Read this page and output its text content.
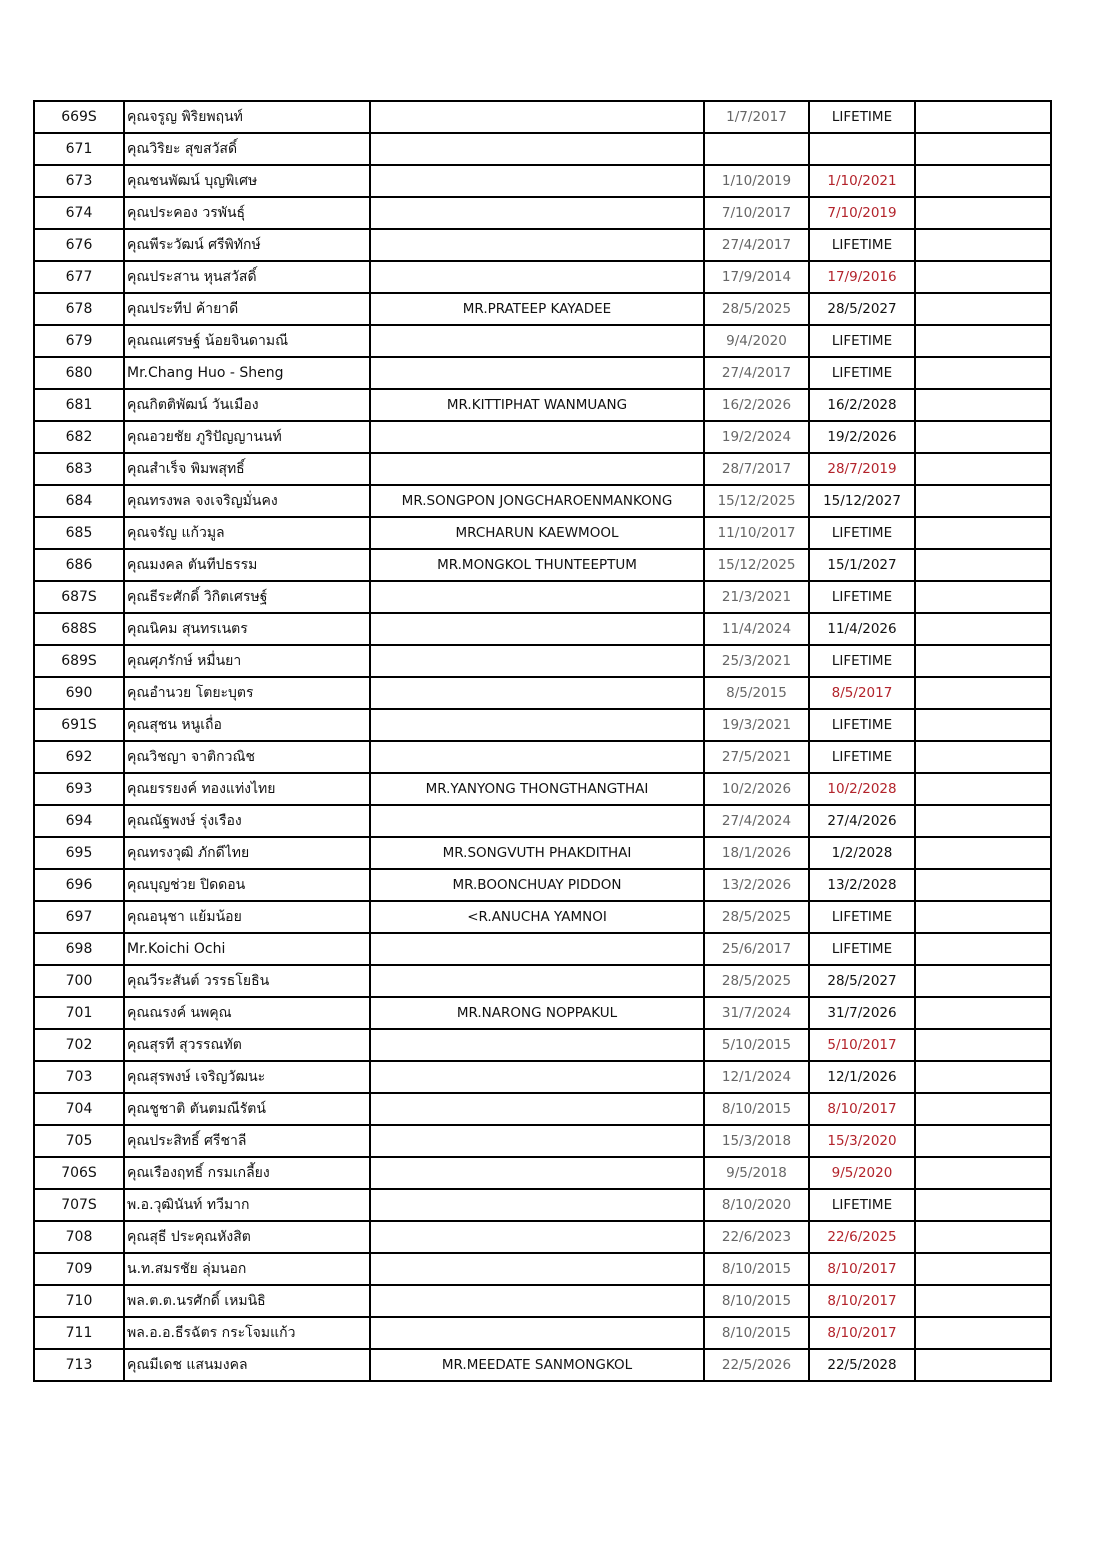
669S	คุณจรูญ พิริยพฤนท์		1/7/2017	LIFETIME	
671	คุณวิริยะ สุขสวัสดิ์				
673	คุณชนพัฒน์ บุญพิเศษ		1/10/2019	1/10/2021	
674	คุณประคอง วรพันธุ์		7/10/2017	7/10/2019	
676	คุณพีระวัฒน์ ศรีพิทักษ์		27/4/2017	LIFETIME	
677	คุณประสาน หุนสวัสดิ์		17/9/2014	17/9/2016	
678	คุณประทีป ค้ายาดี	MR.PRATEEP KAYADEE	28/5/2025	28/5/2027	
679	คุณณเศรษฐ์ น้อยจินดามณี		9/4/2020	LIFETIME	
680	Mr.Chang Huo - Sheng		27/4/2017	LIFETIME	
681	คุณกิตติพัฒน์ วันเมือง	MR.KITTIPHAT WANMUANG	16/2/2026	16/2/2028	
682	คุณอวยชัย ภูริปัญญานนท์		19/2/2024	19/2/2026	
683	คุณสำเร็จ พิมพสุทธิ์		28/7/2017	28/7/2019	
684	คุณทรงพล จงเจริญมั่นคง	MR.SONGPON JONGCHAROENMANKONG	15/12/2025	15/12/2027	
685	คุณจรัญ แก้วมูล	MRCHARUN KAEWMOOL	11/10/2017	LIFETIME	
686	คุณมงคล ตันทีปธรรม	MR.MONGKOL THUNTEEPTUM	15/12/2025	15/1/2027	
687S	คุณธีระศักดิ์ วิกิตเศรษฐ์		21/3/2021	LIFETIME	
688S	คุณนิคม สุนทรเนตร		11/4/2024	11/4/2026	
689S	คุณศุภรักษ์ หมื่นยา		25/3/2021	LIFETIME	
690	คุณอำนวย โตยะบุตร		8/5/2015	8/5/2017	
691S	คุณสุชน หนูเถื่อ		19/3/2021	LIFETIME	
692	คุณวิชญา จาติกวณิช		27/5/2021	LIFETIME	
693	คุณยรรยงค์ ทองแท่งไทย	MR.YANYONG THONGTHANGTHAI	10/2/2026	10/2/2028	
694	คุณณัฐพงษ์ รุ่งเรือง		27/4/2024	27/4/2026	
695	คุณทรงวุฒิ ภักดีไทย	MR.SONGVUTH PHAKDITHAI	18/1/2026	1/2/2028	
696	คุณบุญช่วย ปิดดอน	MR.BOONCHUAY PIDDON	13/2/2026	13/2/2028	
697	คุณอนุชา แย้มน้อย	<R.ANUCHA YAMNOI	28/5/2025	LIFETIME	
698	Mr.Koichi Ochi		25/6/2017	LIFETIME	
700	คุณวีระสันต์ วรรธโยธิน		28/5/2025	28/5/2027	
701	คุณณรงค์ นพคุณ	MR.NARONG NOPPAKUL	31/7/2024	31/7/2026	
702	คุณสุรที สุวรรณทัต		5/10/2015	5/10/2017	
703	คุณสุรพงษ์ เจริญวัฒนะ		12/1/2024	12/1/2026	
704	คุณชูชาติ ตันตมณีรัตน์		8/10/2015	8/10/2017	
705	คุณประสิทธิ์ ศรีชาลี		15/3/2018	15/3/2020	
706S	คุณเรืองฤทธิ์ กรมเกลี้ยง		9/5/2018	9/5/2020	
707S	พ.อ.วุฒินันท์ ทวีมาก		8/10/2020	LIFETIME	
708	คุณสุธี ประคุณหังสิต		22/6/2023	22/6/2025	
709	น.ท.สมรชัย ลุ่มนอก		8/10/2015	8/10/2017	
710	พล.ต.ต.นรศักดิ์ เหมนิธิ		8/10/2015	8/10/2017	
711	พล.อ.อ.ธีรฉัตร กระโจมแก้ว		8/10/2015	8/10/2017	
713	คุณมีเดช แสนมงคล	MR.MEEDATE SANMONGKOL	22/5/2026	22/5/2028	
